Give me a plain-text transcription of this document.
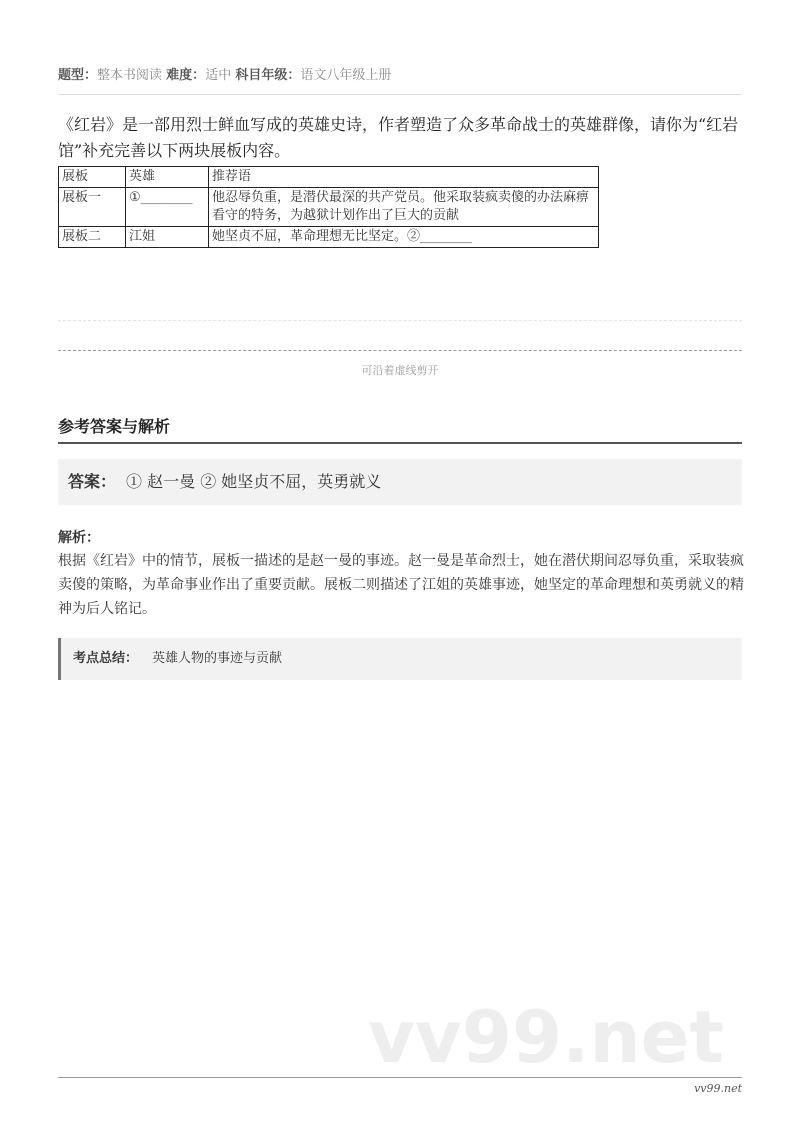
题型：整本书阅读 难度：适中 科目年级：语文八年级上册
《红岩》是一部用烈士鲜血写成的英雄史诗，作者塑造了众多革命战士的英雄群像，请你为“红岩馆”补充完善以下两块展板内容。
展板	英雄	推荐语
展板一	①________	他忍辱负重，是潜伏最深的共产党员。他采取装疯卖傻的办法麻痹看守的特务，为越狱计划作出了巨大的贡献
展板二	江姐	她坚贞不屈，革命理想无比坚定。②________
可沿着虚线剪开
参考答案与解析
答案： ① 赵一曼 ② 她坚贞不屈，英勇就义
解析：
根据《红岩》中的情节，展板一描述的是赵一曼的事迹。赵一曼是革命烈士，她在潜伏期间忍辱负重，采取装疯卖傻的策略，为革命事业作出了重要贡献。展板二则描述了江姐的英雄事迹，她坚定的革命理想和英勇就义的精神为后人铭记。
考点总结： 英雄人物的事迹与贡献
vv99.net
vv99.net
